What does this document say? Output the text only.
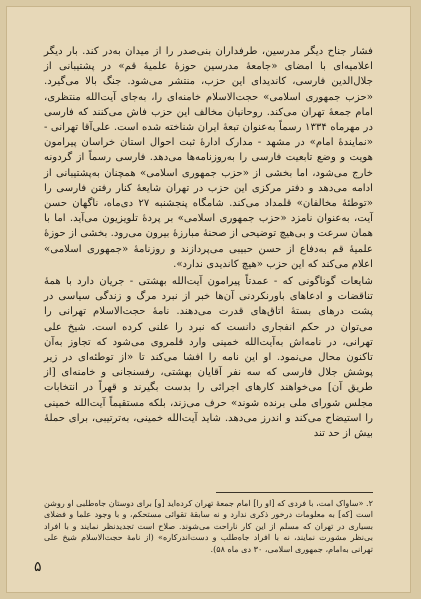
فشار جناح دیگر مدرسین، طرفداران بنی‌صدر را از میدان به‌در کند. بار دیگر اعلامیه‌ای با امضای «جامعهٔ مدرسین حوزهٔ علمیهٔ قم» در پشتیبانی از جلال‌الدین فارسی، کاندیدای این حزب، منتشر می‌شود. جنگ بالا می‌گیرد. «حزب جمهوری اسلامی» حجت‌الاسلام خامنه‌ای را، به‌جای آیت‌الله منتظری، امام جمعهٔ تهران می‌کند. روحانیان مخالف این حزب فاش می‌کنند که فارسی در مهرماه ۱۳۳۴ رسماً به‌عنوان تبعهٔ ایران شناخته شده است. علی‌آقا تهرانی - «نمایندهٔ امام» در مشهد - مدارک ادارهٔ ثبت احوال استان خراسان پیرامون هویت و وضع تابعیت فارسی را به‌روزنامه‌ها می‌دهد. فارسی رسماً از گردونه خارج می‌شود، اما بخشی از «حزب جمهوری اسلامی» همچنان به‌پشتیبانی از ادامه می‌دهد و دفتر مرکزی این حزب در تهران شایعهٔ کنار رفتن فارسی را «توطئهٔ مخالفان» قلمداد می‌کند. شامگاه پنجشنبه ۲۷ دی‌ماه، ناگهان حسن آیت، به‌عنوان نامزد «حزب جمهوری اسلامی» بر پردهٔ تلویزیون می‌آید. اما با همان سرعت و بی‌هیچ توضیحی از صحنهٔ مبارزهٔ بیرون می‌رود. بخشی از حوزهٔ علمیهٔ قم به‌دفاع از حسن حبیبی می‌پردازند و روزنامهٔ «جمهوری اسلامی» اعلام می‌کند که این حزب «هیچ کاندیدی ندارد».

شایعات گوناگونی که - عمدتاً پیرامون آیت‌الله بهشتی - جریان دارد با همهٔ تناقضات و ادعاهای باورنکردنی آن‌ها خبر از نبرد مرگ و زندگی سیاسی در پشت درهای بستهٔ اتاق‌های قدرت می‌دهند. نامهٔ حجت‌الاسلام تهرانی را می‌توان در حکم انفجاری دانست که نبرد را علنی کرده است. شیخ علی تهرانی، در نامه‌اش به‌آیت‌الله خمینی وارد قلمروی می‌شود که تجاوز به‌آن تاکنون محال می‌نمود. او این نامه را افشا می‌کند تا «از توطئه‌ای در زیر پوشش جلال فارسی که سه نفر آقایان بهشتی، رفسنجانی و خامنه‌ای [از طریق آن] می‌خواهند کارهای اجرائی را بدست بگیرند و قهراً در انتخابات مجلس شورای ملی برنده شوند» حرف می‌زند، بلکه مستقیماً آیت‌الله خمینی را استیضاح می‌کند و اندرز می‌دهد. شاید آیت‌الله خمینی، به‌ترتیبی، برای حملهٔ بیش از حد تند

۲. «ساواک امت، با فردی که [او را] امام جمعهٔ تهران کرده‌اید [و] برای دوستان جاه‌طلبی او روشن است [که] به معلومات درخور ذکری ندارد و نه سابقهٔ تقوائی مستحکم، و با وجود علما و فضلای بسیاری در تهران که مسلم از این کار ناراحت می‌شوند. صلاح است تجدیدنظر نمایند و با افراد بی‌نظر مشورت نمایند، نه با افراد جاه‌طلب و دست‌اندرکاره» (از نامهٔ حجت‌الاسلام شیخ علی تهرانی به‌امام، جمهوری اسلامی، ۳۰ دی ماه ۵۸).
۵
